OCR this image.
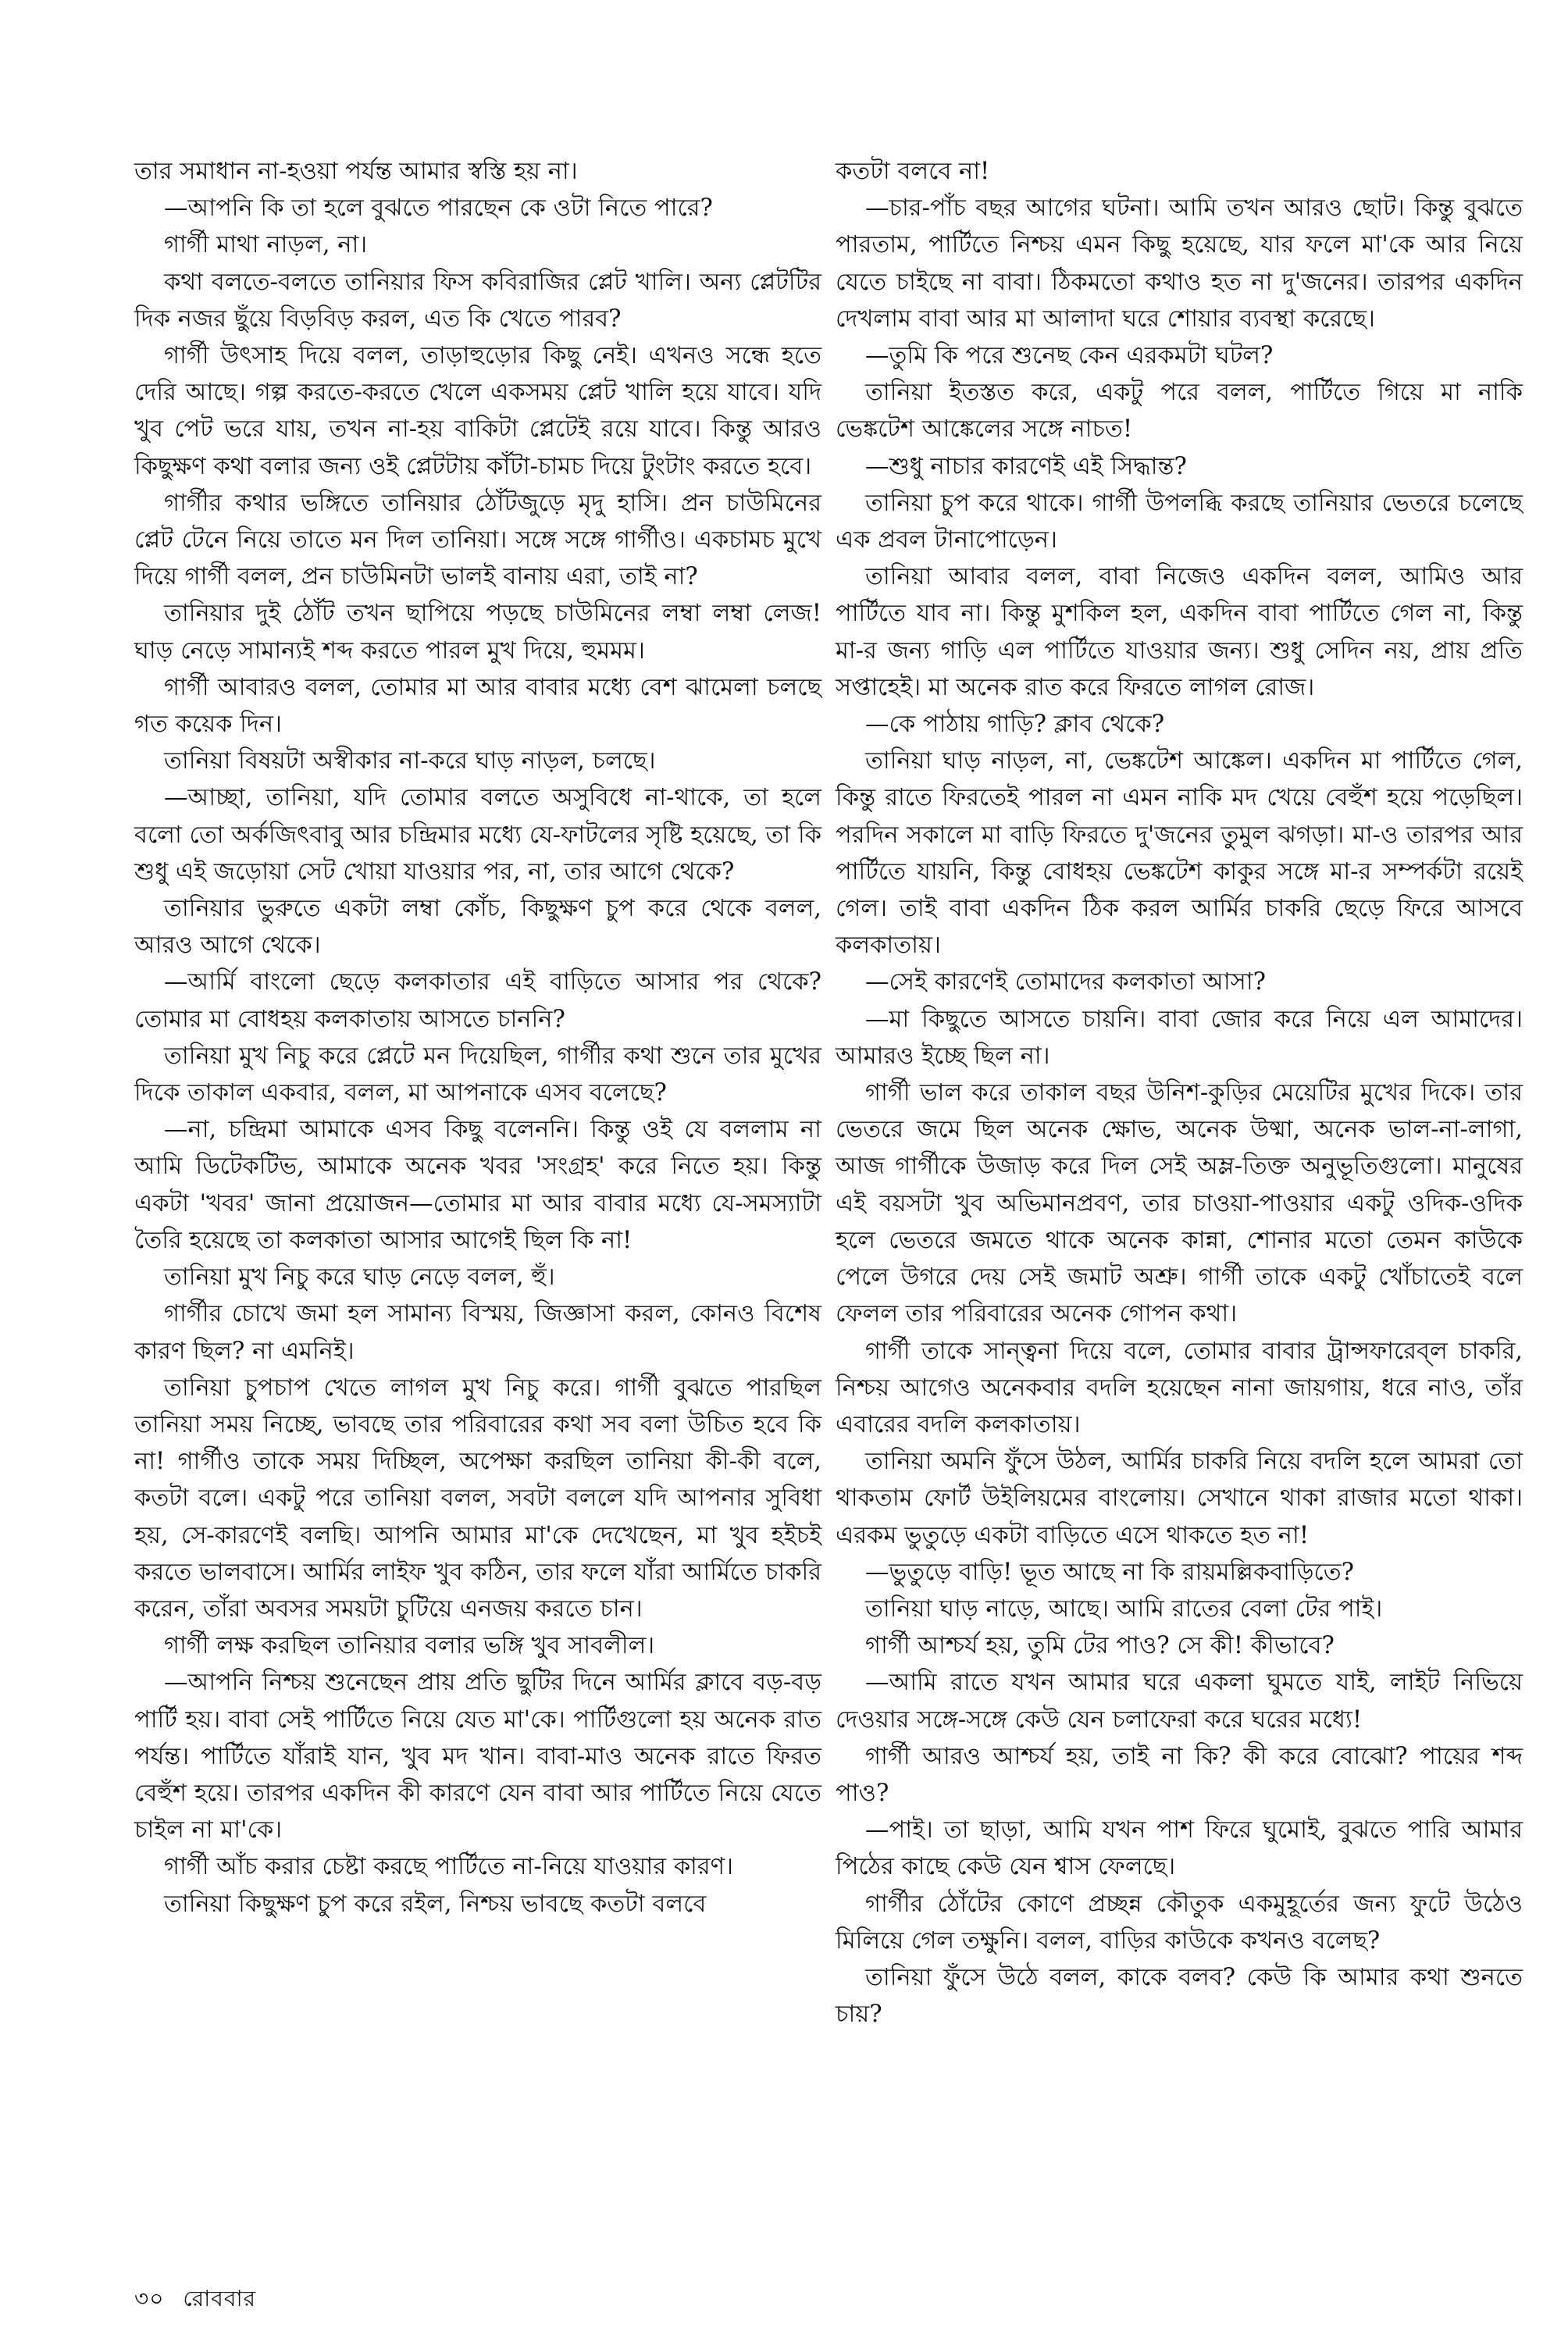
তার সমাধান না-হওয়া পর্যন্ত আমার স্বস্তি হয় না।

—আপনি কি তা হলে বুঝতে পারছেন কে ওটা নিতে পারে?

গার্গী মাথা নাড়ল, না।

কথা বলতে-বলতে তানিয়ার ফিস কবিরাজির প্লেট খালি। অন্য প্লেটটির দিক নজর ছুঁয়ে বিড়বিড় করল, এত কি খেতে পারব?

গার্গী উৎসাহ দিয়ে বলল, তাড়াহুড়োর কিছু নেই। এখনও সন্ধে হতে দেরি আছে। গল্প করতে-করতে খেলে একসময় প্লেট খালি হয়ে যাবে। যদি খুব পেট ভরে যায়, তখন না-হয় বাকিটা প্লেটেই রয়ে যাবে। কিন্তু আরও কিছুক্ষণ কথা বলার জন্য ওই প্লেটটায় কাঁটা-চামচ দিয়ে টুংটাং করতে হবে।

গার্গীর কথার ভঙ্গিতে তানিয়ার ঠোঁটজুড়ে মৃদু হাসি। প্রন চাউমিনের প্লেট টেনে নিয়ে তাতে মন দিল তানিয়া। সঙ্গে সঙ্গে গার্গীও। একচামচ মুখে দিয়ে গার্গী বলল, প্রন চাউমিনটা ভালই বানায় এরা, তাই না?

তানিয়ার দুই ঠোঁট তখন ছাপিয়ে পড়ছে চাউমিনের লম্বা লম্বা লেজ! ঘাড় নেড়ে সামান্যই শব্দ করতে পারল মুখ দিয়ে, হুমমম।

গার্গী আবারও বলল, তোমার মা আর বাবার মধ্যে বেশ ঝামেলা চলছে গত কয়েক দিন।

তানিয়া বিষয়টা অস্বীকার না-করে ঘাড় নাড়ল, চলছে।

—আচ্ছা, তানিয়া, যদি তোমার বলতে অসুবিধে না-থাকে, তা হলে বলো তো অর্কজিৎবাবু আর চন্দ্রিমার মধ্যে যে-ফাটলের সৃষ্টি হয়েছে, তা কি শুধু এই জড়োয়া সেট খোয়া যাওয়ার পর, না, তার আগে থেকে?

তানিয়ার ভুরুতে একটা লম্বা কোঁচ, কিছুক্ষণ চুপ করে থেকে বলল, আরও আগে থেকে।

—আর্মি বাংলো ছেড়ে কলকাতার এই বাড়িতে আসার পর থেকে? তোমার মা বোধহয় কলকাতায় আসতে চাননি?

তানিয়া মুখ নিচু করে প্লেটে মন দিয়েছিল, গার্গীর কথা শুনে তার মুখের দিকে তাকাল একবার, বলল, মা আপনাকে এসব বলেছে?

—না, চন্দ্রিমা আমাকে এসব কিছু বলেননি। কিন্তু ওই যে বললাম না আমি ডিটেকটিভ, আমাকে অনেক খবর 'সংগ্রহ' করে নিতে হয়। কিন্তু একটা 'খবর' জানা প্রয়োজন—তোমার মা আর বাবার মধ্যে যে-সমস্যাটা তৈরি হয়েছে তা কলকাতা আসার আগেই ছিল কি না!

তানিয়া মুখ নিচু করে ঘাড় নেড়ে বলল, হুঁ।

গার্গীর চোখে জমা হল সামান্য বিস্ময়, জিজ্ঞাসা করল, কোনও বিশেষ কারণ ছিল? না এমনিই।

তানিয়া চুপচাপ খেতে লাগল মুখ নিচু করে। গার্গী বুঝতে পারছিল তানিয়া সময় নিচ্ছে, ভাবছে তার পরিবারের কথা সব বলা উচিত হবে কি না! গার্গীও তাকে সময় দিচ্ছিল, অপেক্ষা করছিল তানিয়া কী-কী বলে, কতটা বলে। একটু পরে তানিয়া বলল, সবটা বললে যদি আপনার সুবিধা হয়, সে-কারণেই বলছি। আপনি আমার মা'কে দেখেছেন, মা খুব হইচই করতে ভালবাসে। আর্মির লাইফ খুব কঠিন, তার ফলে যাঁরা আর্মিতে চাকরি করেন, তাঁরা অবসর সময়টা চুটিয়ে এনজয় করতে চান।

গার্গী লক্ষ করছিল তানিয়ার বলার ভঙ্গি খুব সাবলীল।

—আপনি নিশ্চয় শুনেছেন প্রায় প্রতি ছুটির দিনে আর্মির ক্লাবে বড়-বড় পার্টি হয়। বাবা সেই পার্টিতে নিয়ে যেত মা'কে। পার্টিগুলো হয় অনেক রাত পর্যন্ত। পার্টিতে যাঁরাই যান, খুব মদ খান। বাবা-মাও অনেক রাতে ফিরত বেহুঁশ হয়ে। তারপর একদিন কী কারণে যেন বাবা আর পার্টিতে নিয়ে যেতে চাইল না মা'কে।

গার্গী আঁচ করার চেষ্টা করছে পার্টিতে না-নিয়ে যাওয়ার কারণ।

তানিয়া কিছুক্ষণ চুপ করে রইল, নিশ্চয় ভাবছে কতটা বলবে

কতটা বলবে না!

—চার-পাঁচ বছর আগের ঘটনা। আমি তখন আরও ছোট। কিন্তু বুঝতে পারতাম, পার্টিতে নিশ্চয় এমন কিছু হয়েছে, যার ফলে মা'কে আর নিয়ে যেতে চাইছে না বাবা। ঠিকমতো কথাও হত না দু'জনের। তারপর একদিন দেখলাম বাবা আর মা আলাদা ঘরে শোয়ার ব্যবস্থা করেছে।

—তুমি কি পরে শুনেছ কেন এরকমটা ঘটল?

তানিয়া ইতস্তত করে, একটু পরে বলল, পার্টিতে গিয়ে মা নাকি ভেঙ্কটেশ আঙ্কেলের সঙ্গে নাচত!

—শুধু নাচার কারণেই এই সিদ্ধান্ত?

তানিয়া চুপ করে থাকে। গার্গী উপলব্ধি করছে তানিয়ার ভেতরে চলেছে এক প্রবল টানাপোড়েন।

তানিয়া আবার বলল, বাবা নিজেও একদিন বলল, আমিও আর পার্টিতে যাব না। কিন্তু মুশকিল হল, একদিন বাবা পার্টিতে গেল না, কিন্তু মা-র জন্য গাড়ি এল পার্টিতে যাওয়ার জন্য। শুধু সেদিন নয়, প্রায় প্রতি সপ্তাহেই। মা অনেক রাত করে ফিরতে লাগল রোজ।

—কে পাঠায় গাড়ি? ক্লাব থেকে?

তানিয়া ঘাড় নাড়ল, না, ভেঙ্কটেশ আঙ্কেল। একদিন মা পার্টিতে গেল, কিন্তু রাতে ফিরতেই পারল না এমন নাকি মদ খেয়ে বেহুঁশ হয়ে পড়েছিল। পরদিন সকালে মা বাড়ি ফিরতে দু'জনের তুমুল ঝগড়া। মা-ও তারপর আর পার্টিতে যায়নি, কিন্তু বোধহয় ভেঙ্কটেশ কাকুর সঙ্গে মা-র সম্পর্কটা রয়েই গেল। তাই বাবা একদিন ঠিক করল আর্মির চাকরি ছেড়ে ফিরে আসবে কলকাতায়।

—সেই কারণেই তোমাদের কলকাতা আসা?

—মা কিছুতে আসতে চায়নি। বাবা জোর করে নিয়ে এল আমাদের। আমারও ইচ্ছে ছিল না।

গার্গী ভাল করে তাকাল বছর উনিশ-কুড়ির মেয়েটির মুখের দিকে। তার ভেতরে জমে ছিল অনেক ক্ষোভ, অনেক উষ্মা, অনেক ভাল-না-লাগা, আজ গার্গীকে উজাড় করে দিল সেই অম্ল-তিক্ত অনুভূতিগুলো। মানুষের এই বয়সটা খুব অভিমানপ্রবণ, তার চাওয়া-পাওয়ার একটু ওদিক-ওদিক হলে ভেতরে জমতে থাকে অনেক কান্না, শোনার মতো তেমন কাউকে পেলে উগরে দেয় সেই জমাট অশ্রু। গার্গী তাকে একটু খোঁচাতেই বলে ফেলল তার পরিবারের অনেক গোপন কথা।

গার্গী তাকে সান্ত্বনা দিয়ে বলে, তোমার বাবার ট্রান্সফারেব্‌ল চাকরি, নিশ্চয় আগেও অনেকবার বদলি হয়েছেন নানা জায়গায়, ধরে নাও, তাঁর এবারের বদলি কলকাতায়।

তানিয়া অমনি ফুঁসে উঠল, আর্মির চাকরি নিয়ে বদলি হলে আমরা তো থাকতাম ফোর্ট উইলিয়মের বাংলোয়। সেখানে থাকা রাজার মতো থাকা। এরকম ভুতুড়ে একটা বাড়িতে এসে থাকতে হত না!

—ভুতুড়ে বাড়ি! ভূত আছে না কি রায়মল্লিকবাড়িতে?

তানিয়া ঘাড় নাড়ে, আছে। আমি রাতের বেলা টের পাই।

গার্গী আশ্চর্য হয়, তুমি টের পাও? সে কী! কীভাবে?

—আমি রাতে যখন আমার ঘরে একলা ঘুমতে যাই, লাইট নিভিয়ে দেওয়ার সঙ্গে-সঙ্গে কেউ যেন চলাফেরা করে ঘরের মধ্যে!

গার্গী আরও আশ্চর্য হয়, তাই না কি? কী করে বোঝো? পায়ের শব্দ পাও?

—পাই। তা ছাড়া, আমি যখন পাশ ফিরে ঘুমোই, বুঝতে পারি আমার পিঠের কাছে কেউ যেন শ্বাস ফেলছে।

গার্গীর ঠোঁটের কোণে প্রচ্ছন্ন কৌতুক একমুহূর্তের জন্য ফুটে উঠেও মিলিয়ে গেল তক্ষুনি। বলল, বাড়ির কাউকে কখনও বলেছ?

তানিয়া ফুঁসে উঠে বলল, কাকে বলব? কেউ কি আমার কথা শুনতে চায়?

৩০ রোববার
